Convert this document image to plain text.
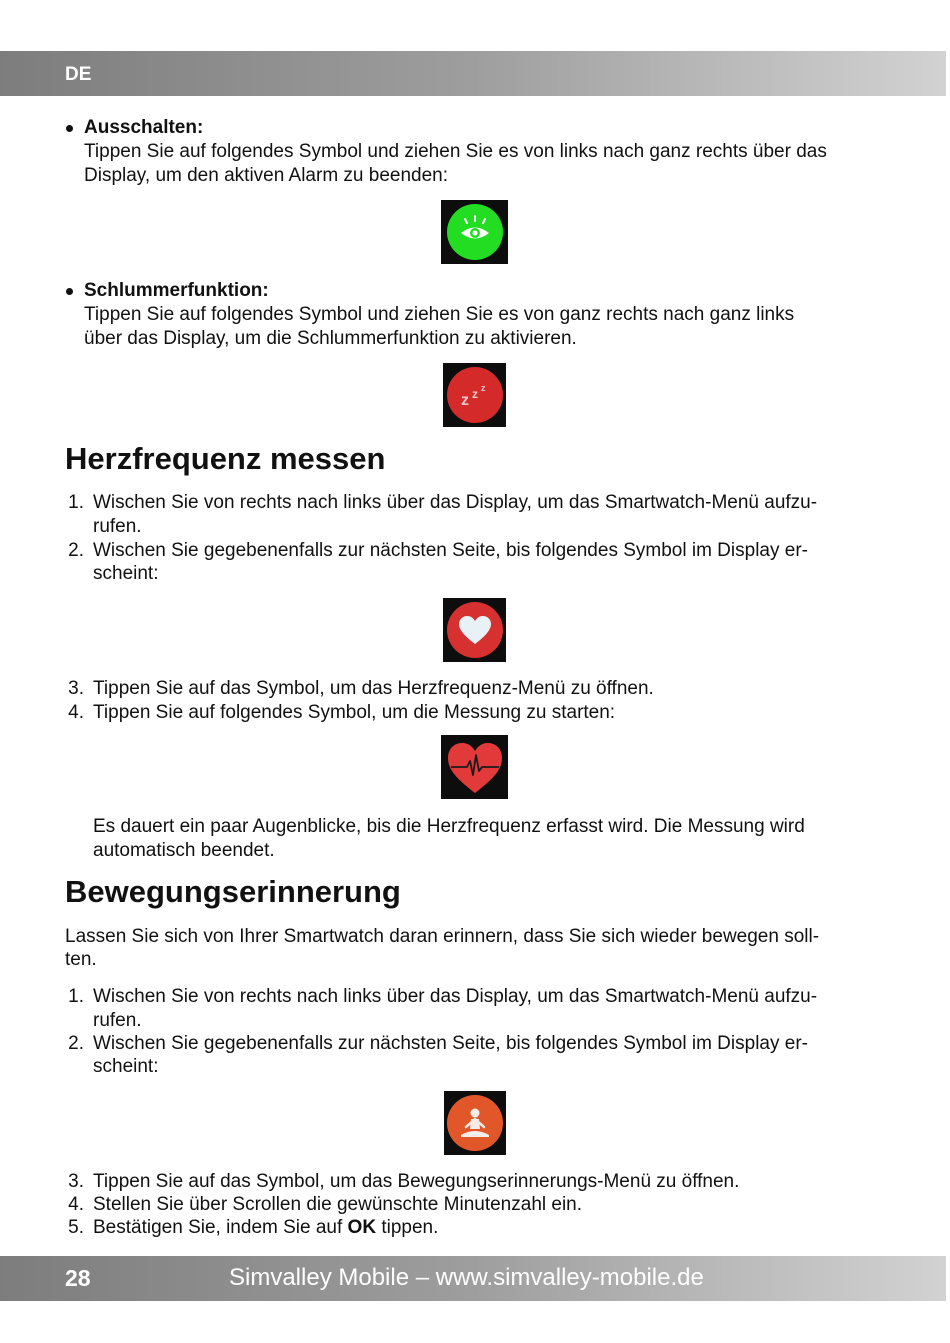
DE
Ausschalten:
Tippen Sie auf folgendes Symbol und ziehen Sie es von links nach ganz rechts über das
Display, um den aktiven Alarm zu beenden:
Schlummerfunktion:
Tippen Sie auf folgendes Symbol und ziehen Sie es von ganz rechts nach ganz links
über das Display, um die Schlummerfunktion zu aktivieren.
z z z
Herzfrequenz messen
1. Wischen Sie von rechts nach links über das Display, um das Smartwatch-Menü aufzu-
rufen.
2. Wischen Sie gegebenenfalls zur nächsten Seite, bis folgendes Symbol im Display er-
scheint:
3. Tippen Sie auf das Symbol, um das Herzfrequenz-Menü zu öffnen.
4. Tippen Sie auf folgendes Symbol, um die Messung zu starten:
Es dauert ein paar Augenblicke, bis die Herzfrequenz erfasst wird. Die Messung wird
automatisch beendet.
Bewegungserinnerung
Lassen Sie sich von Ihrer Smartwatch daran erinnern, dass Sie sich wieder bewegen soll-
ten.
1. Wischen Sie von rechts nach links über das Display, um das Smartwatch-Menü aufzu-
rufen.
2. Wischen Sie gegebenenfalls zur nächsten Seite, bis folgendes Symbol im Display er-
scheint:
3. Tippen Sie auf das Symbol, um das Bewegungserinnerungs-Menü zu öffnen.
4. Stellen Sie über Scrollen die gewünschte Minutenzahl ein.
5. Bestätigen Sie, indem Sie auf OK tippen.
28	Simvalley Mobile – www.simvalley-mobile.de
